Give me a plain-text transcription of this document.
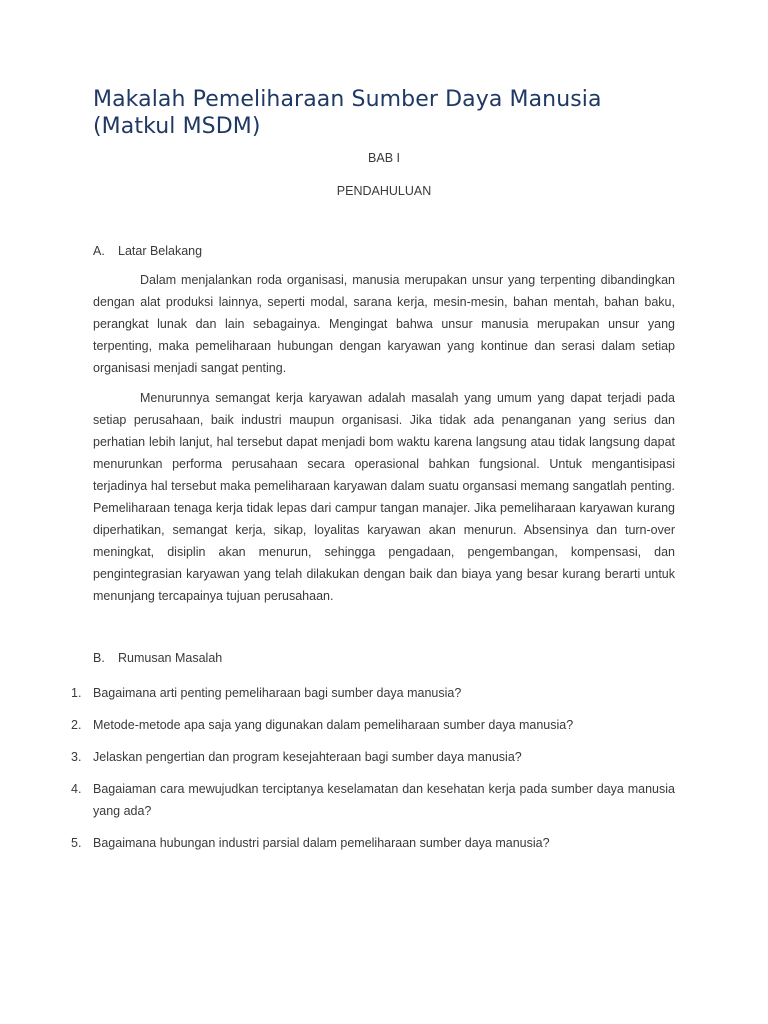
Makalah Pemeliharaan Sumber Daya Manusia (Matkul MSDM)

BAB I

PENDAHULUAN

A. Latar Belakang

Dalam menjalankan roda organisasi, manusia merupakan unsur yang terpenting dibandingkan dengan alat produksi lainnya, seperti modal, sarana kerja, mesin-mesin, bahan mentah, bahan baku, perangkat lunak dan lain sebagainya. Mengingat bahwa unsur manusia merupakan unsur yang terpenting, maka pemeliharaan hubungan dengan karyawan yang kontinue dan serasi dalam setiap organisasi menjadi sangat penting.

Menurunnya semangat kerja karyawan adalah masalah yang umum yang dapat terjadi pada setiap perusahaan, baik industri maupun organisasi. Jika tidak ada penanganan yang serius dan perhatian lebih lanjut, hal tersebut dapat menjadi bom waktu karena langsung atau tidak langsung dapat menurunkan performa perusahaan secara operasional bahkan fungsional. Untuk mengantisipasi terjadinya hal tersebut maka pemeliharaan karyawan dalam suatu organsasi memang sangatlah penting. Pemeliharaan tenaga kerja tidak lepas dari campur tangan manajer. Jika pemeliharaan karyawan kurang diperhatikan, semangat kerja, sikap, loyalitas karyawan akan menurun. Absensinya dan turn-over meningkat, disiplin akan menurun, sehingga pengadaan, pengembangan, kompensasi, dan pengintegrasian karyawan yang telah dilakukan dengan baik dan biaya yang besar kurang berarti untuk menunjang tercapainya tujuan perusahaan.

B. Rumusan Masalah

1. Bagaimana arti penting pemeliharaan bagi sumber daya manusia?
2. Metode-metode apa saja yang digunakan dalam pemeliharaan sumber daya manusia?
3. Jelaskan pengertian dan program kesejahteraan bagi sumber daya manusia?
4. Bagaiaman cara mewujudkan terciptanya keselamatan dan kesehatan kerja pada sumber daya manusia yang ada?
5. Bagaimana hubungan industri parsial dalam pemeliharaan sumber daya manusia?
